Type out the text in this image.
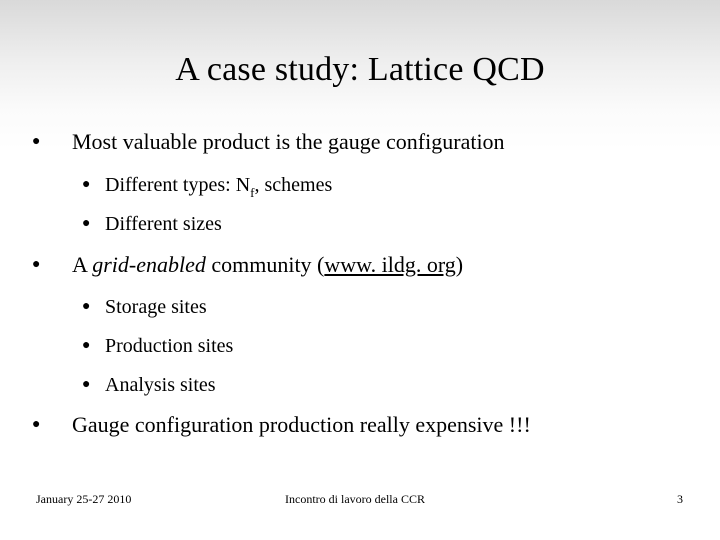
A case study: Lattice QCD
● Most valuable product is the gauge configuration
● Different types: $N_f$, schemes
● Different sizes
● A grid-enabled community (www. ildg. org)
● Storage sites
● Production sites
● Analysis sites
● Gauge configuration production really expensive !!!
January 25-27 2010	Incontro di lavoro della CCR	3
